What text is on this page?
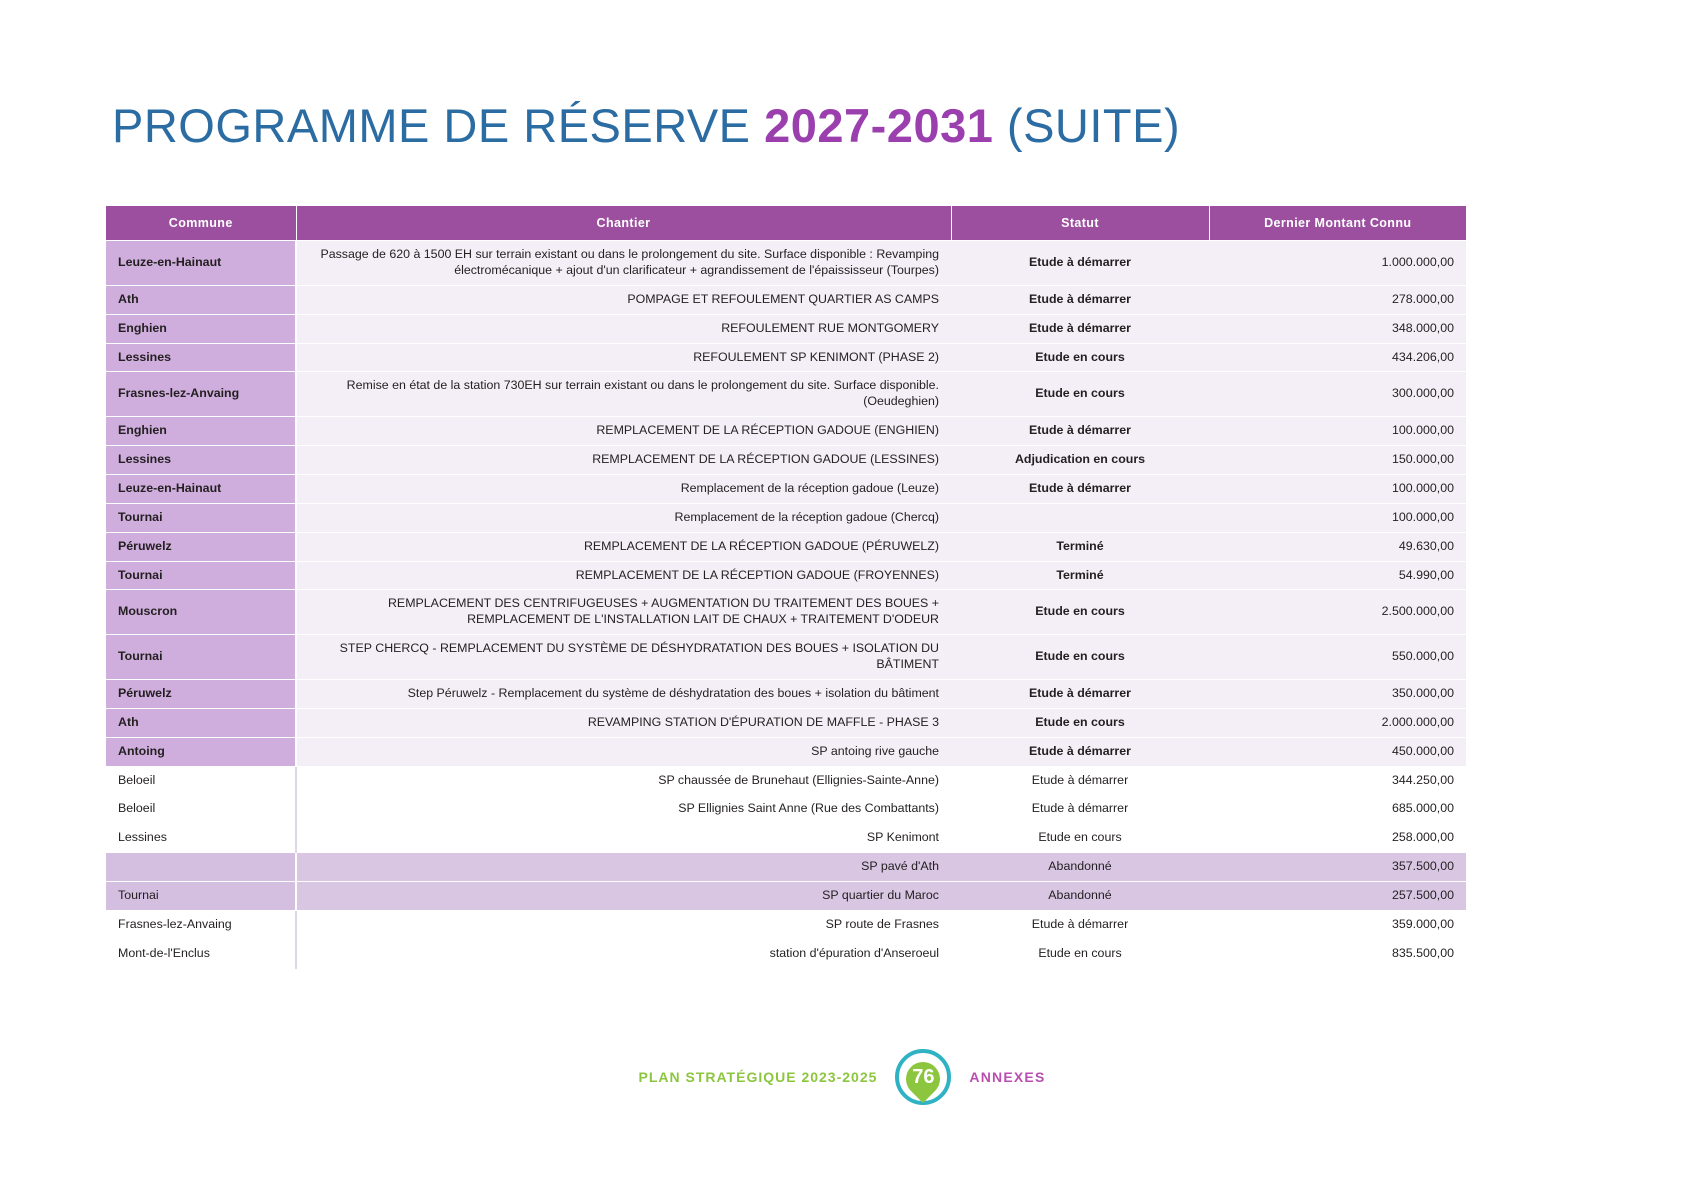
PROGRAMME DE RÉSERVE 2027-2031 (SUITE)
Commune	Chantier	Statut	Dernier Montant Connu
Leuze-en-Hainaut	Passage de 620 à 1500 EH sur terrain existant ou dans le prolongement du site. Surface disponible : Revamping électromécanique + ajout d'un clarificateur + agrandissement de l'épaississeur (Tourpes)	Etude à démarrer	1.000.000,00
Ath	POMPAGE ET REFOULEMENT QUARTIER AS CAMPS	Etude à démarrer	278.000,00
Enghien	REFOULEMENT RUE MONTGOMERY	Etude à démarrer	348.000,00
Lessines	REFOULEMENT SP KENIMONT (PHASE 2)	Etude en cours	434.206,00
Frasnes-lez-Anvaing	Remise en état de la station 730EH sur terrain existant ou dans le prolongement du site. Surface disponible. (Oeudeghien)	Etude en cours	300.000,00
Enghien	REMPLACEMENT DE LA RÉCEPTION GADOUE (ENGHIEN)	Etude à démarrer	100.000,00
Lessines	REMPLACEMENT DE LA RÉCEPTION GADOUE (LESSINES)	Adjudication en cours	150.000,00
Leuze-en-Hainaut	Remplacement de la réception gadoue (Leuze)	Etude à démarrer	100.000,00
Tournai	Remplacement de la réception gadoue (Chercq)		100.000,00
Péruwelz	REMPLACEMENT DE LA RÉCEPTION GADOUE (PÉRUWELZ)	Terminé	49.630,00
Tournai	REMPLACEMENT DE LA RÉCEPTION GADOUE (FROYENNES)	Terminé	54.990,00
Mouscron	REMPLACEMENT DES CENTRIFUGEUSES + AUGMENTATION DU TRAITEMENT DES BOUES + REMPLACEMENT DE L'INSTALLATION LAIT DE CHAUX + TRAITEMENT D'ODEUR	Etude en cours	2.500.000,00
Tournai	STEP CHERCQ - REMPLACEMENT DU SYSTÈME DE DÉSHYDRATATION DES BOUES + ISOLATION DU BÂTIMENT	Etude en cours	550.000,00
Péruwelz	Step Péruwelz - Remplacement du système de déshydratation des boues + isolation du bâtiment	Etude à démarrer	350.000,00
Ath	REVAMPING STATION D'ÉPURATION DE MAFFLE - PHASE 3	Etude en cours	2.000.000,00
Antoing	SP antoing rive gauche	Etude à démarrer	450.000,00
Beloeil	SP chaussée de Brunehaut (Ellignies-Sainte-Anne)	Etude à démarrer	344.250,00
Beloeil	SP Ellignies Saint Anne (Rue des Combattants)	Etude à démarrer	685.000,00
Lessines	SP Kenimont	Etude en cours	258.000,00
	SP pavé d'Ath	Abandonné	357.500,00
Tournai	SP quartier du Maroc	Abandonné	257.500,00
Frasnes-lez-Anvaing	SP route de Frasnes	Etude à démarrer	359.000,00
Mont-de-l'Enclus	station d'épuration d'Anseroeul	Etude en cours	835.500,00
PLAN STRATÉGIQUE 2023-2025 76 ANNEXES
